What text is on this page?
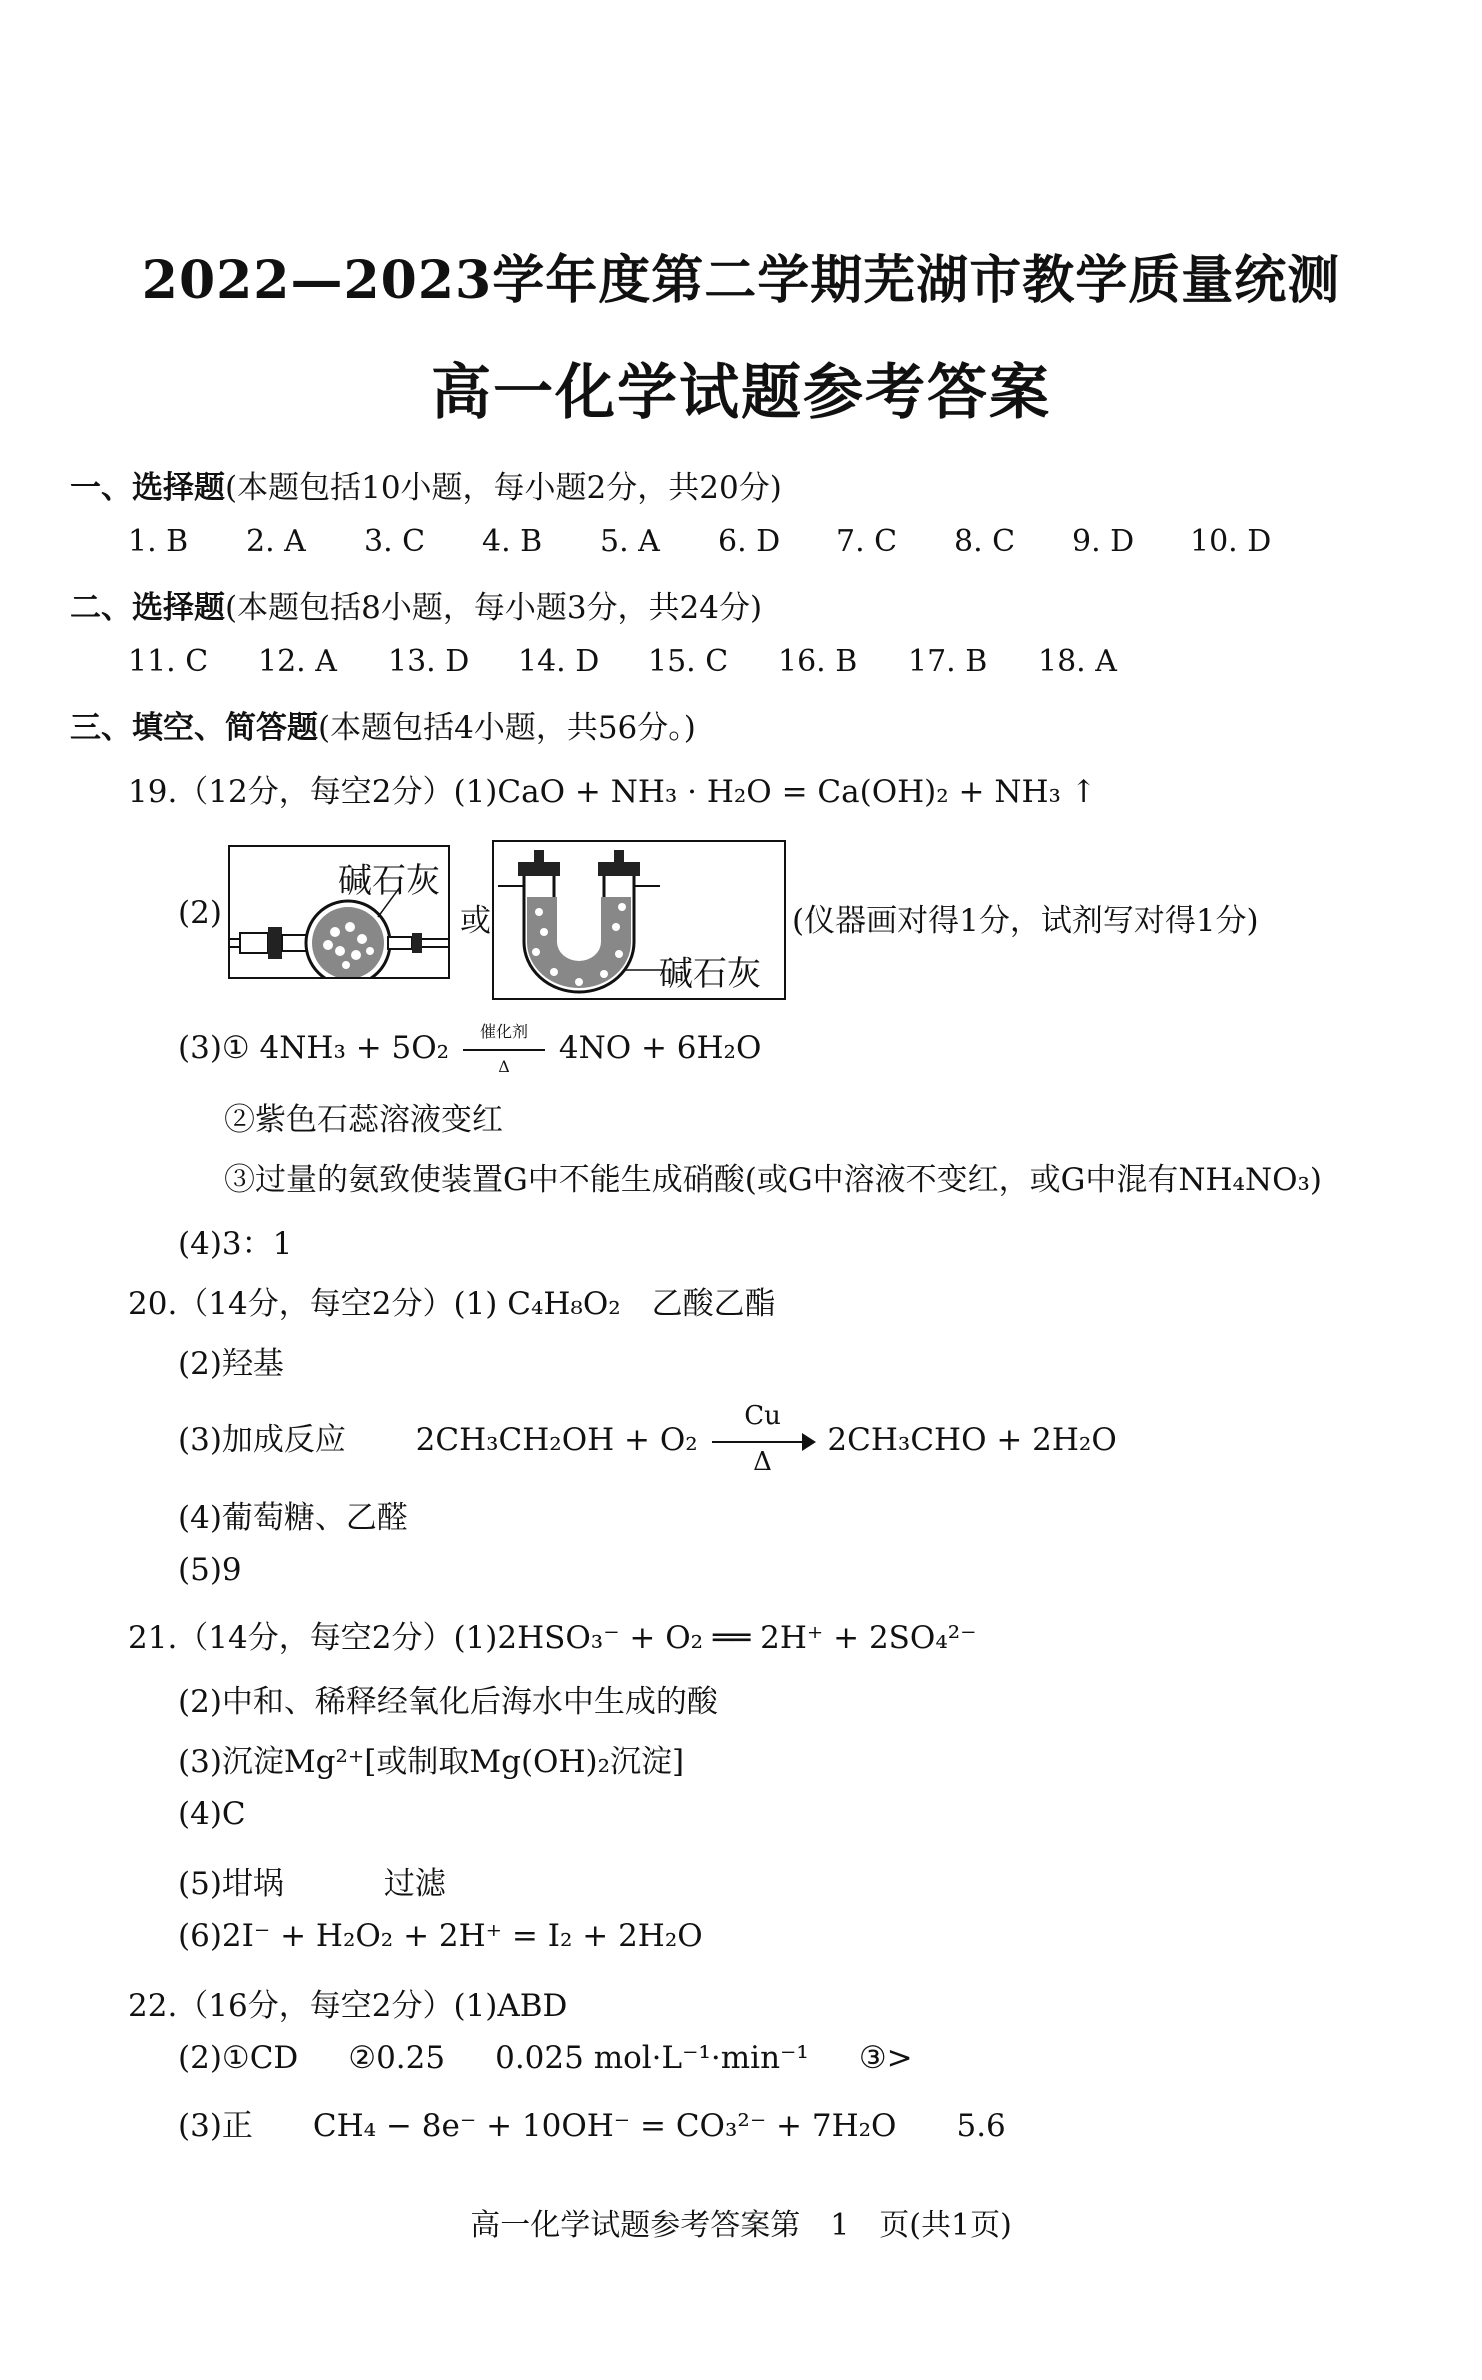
2022—2023学年度第二学期芜湖市教学质量统测
高一化学试题参考答案
一、选择题(本题包括10小题，每小题2分，共20分)
1. B	2. A	3. C	4. B	5. A	6. D	7. C	8. C	9. D	10. D
二、选择题(本题包括8小题，每小题3分，共24分)
11. C	12. A	13. D	14. D	15. C	16. B	17. B	18. A
三、填空、简答题(本题包括4小题，共56分。)
19.（12分，每空2分）(1)CaO + NH₃ · H₂O = Ca(OH)₂ + NH₃ ↑
(2)
碱石灰
或
碱石灰
(仪器画对得1分，试剂写对得1分)
(3)① 4NH₃ + 5O₂	催化剂
Δ	4NO + 6H₂O
②紫色石蕊溶液变红
③过量的氨致使装置G中不能生成硝酸(或G中溶液不变红，或G中混有NH₄NO₃)
(4)3：1
20.（14分，每空2分）(1) C₄H₈O₂　乙酸乙酯
(2)羟基
(3)加成反应 $2CH_3CH_2OH + O_2 \frac{Cu}{\Delta} 2CH_3CHO + 2H_2O$
(4)葡萄糖、乙醛
(5)9
21.（14分，每空2分）(1)2HSO₃⁻ + O₂ ══ 2H⁺ + 2SO₄²⁻
(2)中和、稀释经氧化后海水中生成的酸
(3)沉淀Mg²⁺[或制取Mg(OH)₂沉淀]
(4)C
(5)坩埚	过滤
(6)2I⁻ + H₂O₂ + 2H⁺ = I₂ + 2H₂O
22.（16分，每空2分）(1)ABD
(2)①CD ②0.25 0.025 mol·L⁻¹·min⁻¹ ③>
(3)正 CH₄ − 8e⁻ + 10OH⁻ = CO₃²⁻ + 7H₂O 5.6
高一化学试题参考答案第　1　页(共1页)
